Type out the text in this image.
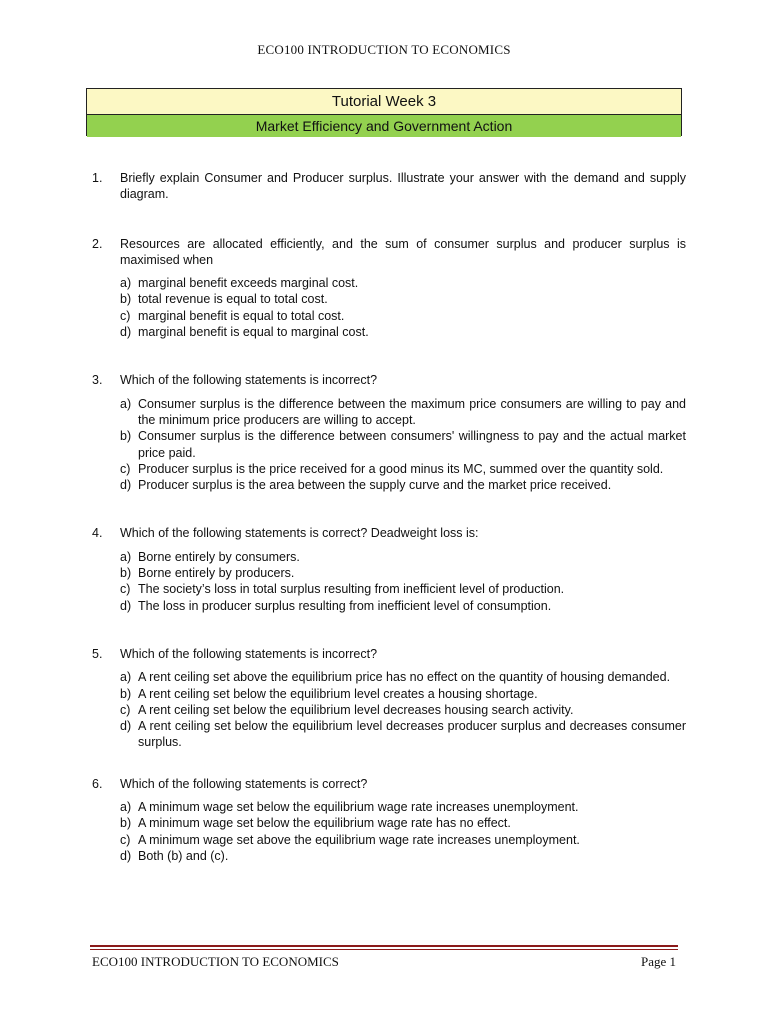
ECO100 INTRODUCTION TO ECONOMICS
Tutorial Week 3
Market Efficiency and Government Action
1. Briefly explain Consumer and Producer surplus. Illustrate your answer with the demand and supply diagram.
2. Resources are allocated efficiently, and the sum of consumer surplus and producer surplus is maximised when
a) marginal benefit exceeds marginal cost.
b) total revenue is equal to total cost.
c) marginal benefit is equal to total cost.
d) marginal benefit is equal to marginal cost.
3. Which of the following statements is incorrect?
a) Consumer surplus is the difference between the maximum price consumers are willing to pay and the minimum price producers are willing to accept.
b) Consumer surplus is the difference between consumers' willingness to pay and the actual market price paid.
c) Producer surplus is the price received for a good minus its MC, summed over the quantity sold.
d) Producer surplus is the area between the supply curve and the market price received.
4. Which of the following statements is correct? Deadweight loss is:
a) Borne entirely by consumers.
b) Borne entirely by producers.
c) The society’s loss in total surplus resulting from inefficient level of production.
d) The loss in producer surplus resulting from inefficient level of consumption.
5. Which of the following statements is incorrect?
a) A rent ceiling set above the equilibrium price has no effect on the quantity of housing demanded.
b) A rent ceiling set below the equilibrium level creates a housing shortage.
c) A rent ceiling set below the equilibrium level decreases housing search activity.
d) A rent ceiling set below the equilibrium level decreases producer surplus and decreases consumer surplus.
6. Which of the following statements is correct?
a) A minimum wage set below the equilibrium wage rate increases unemployment.
b) A minimum wage set below the equilibrium wage rate has no effect.
c) A minimum wage set above the equilibrium wage rate increases unemployment.
d) Both (b) and (c).
ECO100 INTRODUCTION TO ECONOMICS	Page 1
